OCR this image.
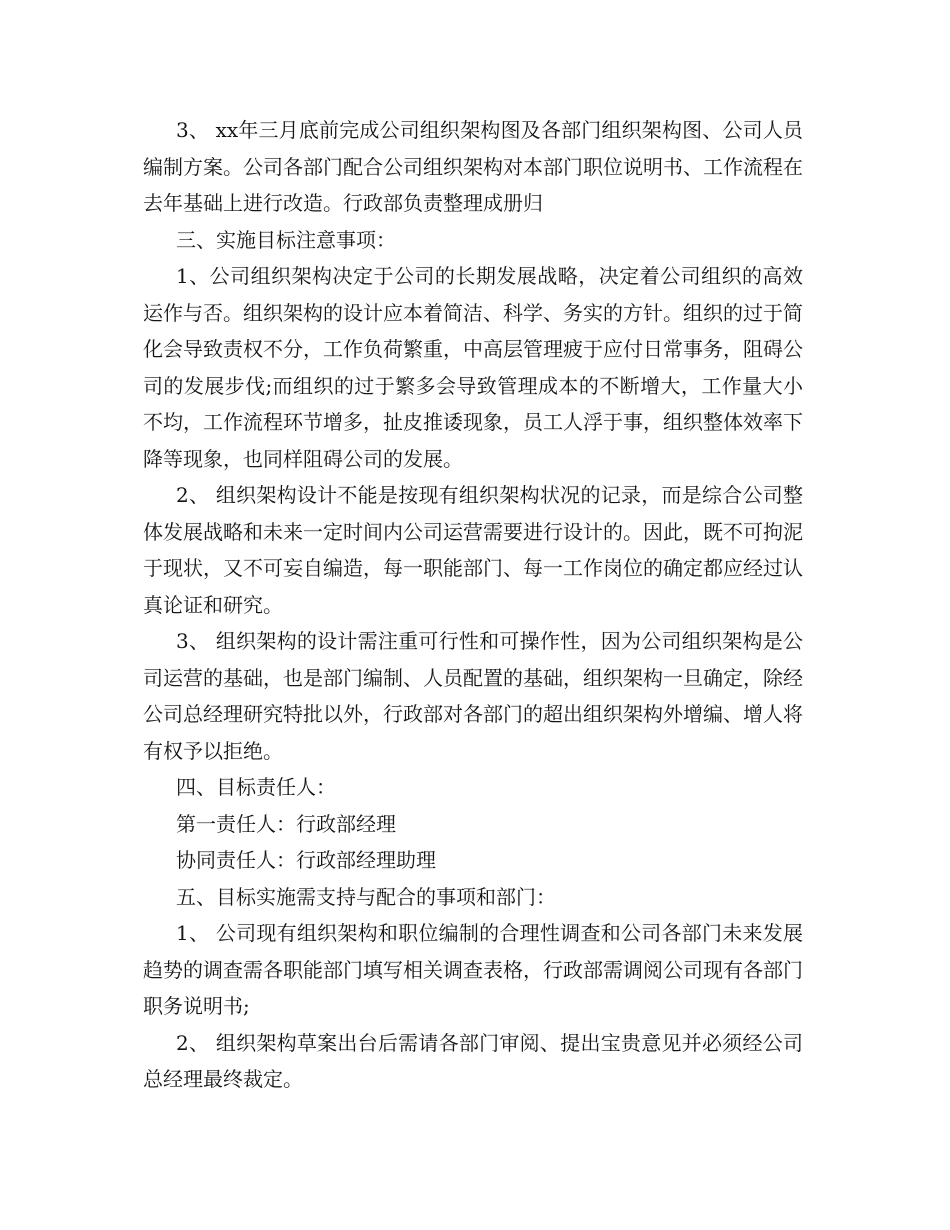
3、 xx年三月底前完成公司组织架构图及各部门组织架构图、公司人员编制方案。公司各部门配合公司组织架构对本部门职位说明书、工作流程在去年基础上进行改造。行政部负责整理成册归

三、实施目标注意事项：

1、公司组织架构决定于公司的长期发展战略，决定着公司组织的高效运作与否。组织架构的设计应本着简洁、科学、务实的方针。组织的过于简化会导致责权不分，工作负荷繁重，中高层管理疲于应付日常事务，阻碍公司的发展步伐;而组织的过于繁多会导致管理成本的不断增大，工作量大小不均，工作流程环节增多，扯皮推诿现象，员工人浮于事，组织整体效率下降等现象，也同样阻碍公司的发展。

2、 组织架构设计不能是按现有组织架构状况的记录，而是综合公司整体发展战略和未来一定时间内公司运营需要进行设计的。因此，既不可拘泥于现状，又不可妄自编造，每一职能部门、每一工作岗位的确定都应经过认真论证和研究。

3、 组织架构的设计需注重可行性和可操作性，因为公司组织架构是公司运营的基础，也是部门编制、人员配置的基础，组织架构一旦确定，除经公司总经理研究特批以外，行政部对各部门的超出组织架构外增编、增人将有权予以拒绝。

四、目标责任人：

第一责任人：行政部经理

协同责任人：行政部经理助理

五、目标实施需支持与配合的事项和部门：

1、 公司现有组织架构和职位编制的合理性调查和公司各部门未来发展趋势的调查需各职能部门填写相关调查表格，行政部需调阅公司现有各部门职务说明书;

2、 组织架构草案出台后需请各部门审阅、提出宝贵意见并必须经公司总经理最终裁定。
